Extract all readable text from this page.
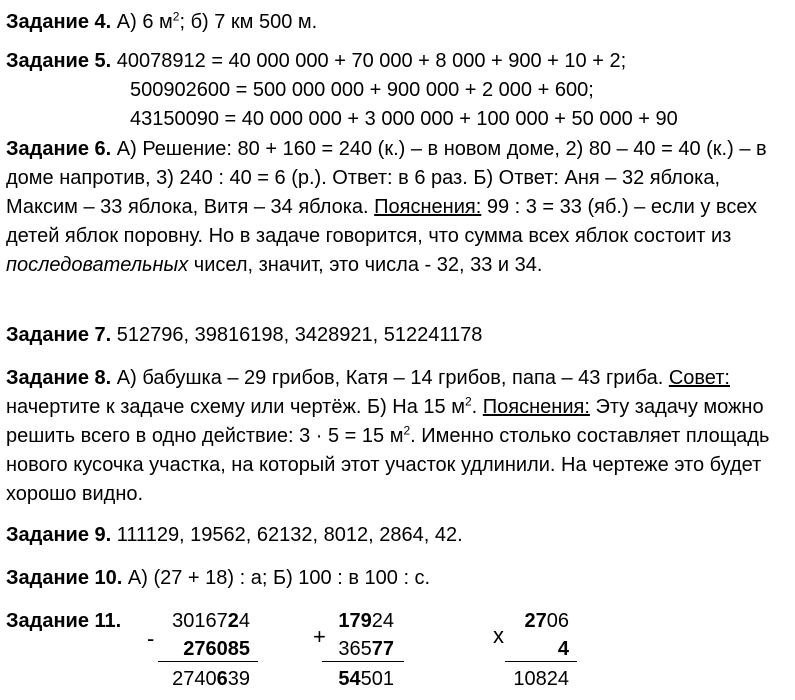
Задание 4. А) 6 $м^2$; б) 7 км 500 м.
Задание 5. 40078912 = 40 000 000 + 70 000 + 8 000 + 900 + 10 + 2;
500902600 = 500 000 000 + 900 000 + 2 000 + 600;
43150090 = 40 000 000 + 3 000 000 + 100 000 + 50 000 + 90
Задание 6. А) Решение: 80 + 160 = 240 (к.) – в новом доме, 2) 80 – 40 = 40 (к.) – в доме напротив, 3) 240 : 40 = 6 (р.). Ответ: в 6 раз. Б) Ответ: Аня – 32 яблока, Максим – 33 яблока, Витя – 34 яблока. Пояснения: 99 : 3 = 33 (яб.) – если у всех детей яблок поровну. Но в задаче говорится, что сумма всех яблок состоит из последовательных чисел, значит, это числа - 32, 33 и 34.
Задание 7. 512796, 39816198, 3428921, 512241178
Задание 8. А) бабушка – 29 грибов, Катя – 14 грибов, папа – 43 гриба. Совет: начертите к задаче схему или чертёж. Б) На 15 $м^2$. Пояснения: Эту задачу можно решить всего в одно действие: 3 · 5 = 15 $м^2$. Именно столько составляет площадь нового кусочка участка, на который этот участок удлинили. На чертеже это будет хорошо видно.
Задание 9. 111129, 19562, 62132, 8012, 2864, 42.
Задание 10. А) (27 + 18) : а; Б) 100 : в 100 : с.
Задание 11.
-
3016724
276085
2740639
+
17924
36577
54501
x
2706
4
10824
